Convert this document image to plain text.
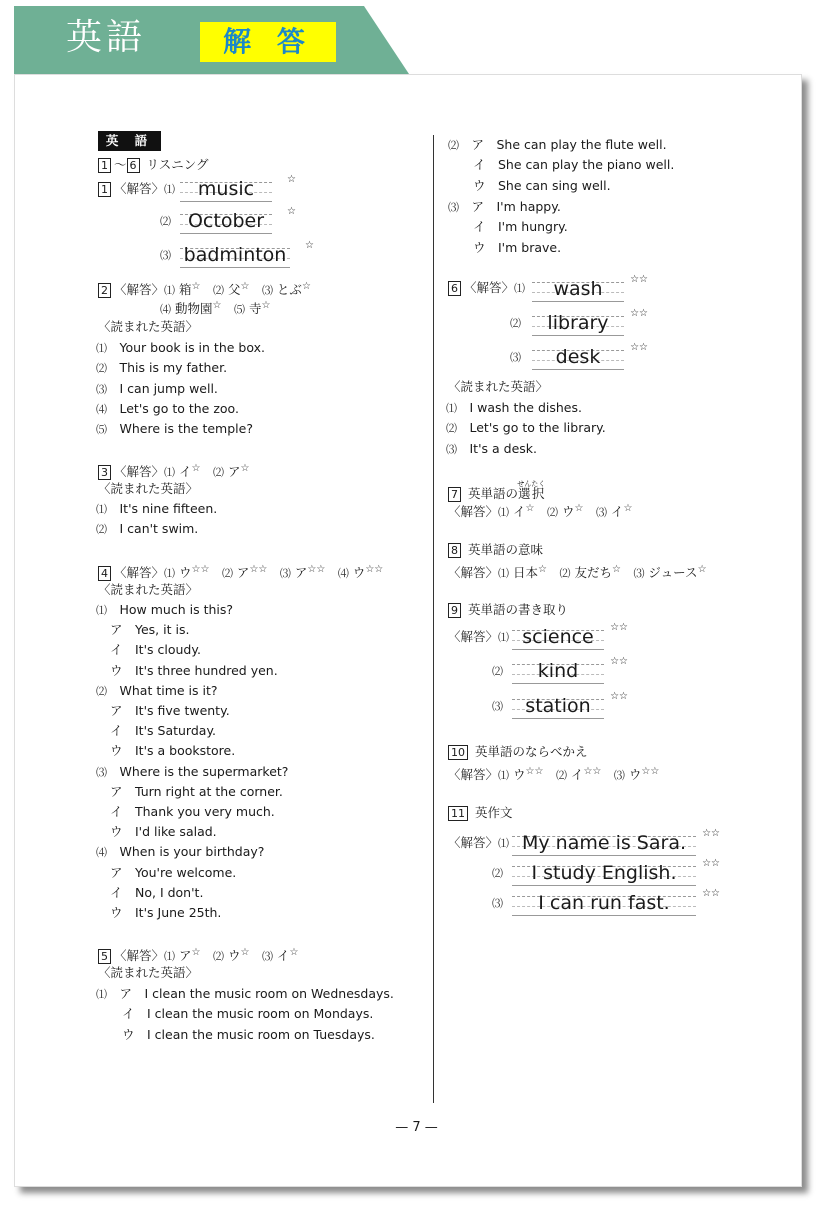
英語	解 答
英 語
1 ～ 6 リスニング
1 〈解答〉⑴	music	☆
⑵ October	☆
⑶ badminton	☆
2 〈解答〉⑴ 箱☆　 ⑵ 父☆　 ⑶ とぶ☆
⑷ 動物園☆　 ⑸ 寺☆
〈読まれた英語〉
⑴　Your book is in the box.
⑵　This is my father.
⑶　I can jump well.
⑷　Let's go to the zoo.
⑸　Where is the temple?
3 〈解答〉⑴ イ☆　 ⑵ ア☆
〈読まれた英語〉
⑴　It's nine fifteen.
⑵　I can't swim.
4 〈解答〉⑴ ウ☆☆　 ⑵ ア☆☆　 ⑶ ア☆☆　 ⑷ ウ☆☆
〈読まれた英語〉
⑴　How much is this?
ア　Yes, it is.
イ　It's cloudy.
ウ　It's three hundred yen.
⑵　What time is it?
ア　It's five twenty.
イ　It's Saturday.
ウ　It's a bookstore.
⑶　Where is the supermarket?
ア　Turn right at the corner.
イ　Thank you very much.
ウ　I'd like salad.
⑷　When is your birthday?
ア　You're welcome.
イ　No, I don't.
ウ　It's June 25th.
5 〈解答〉⑴ ア☆　 ⑵ ウ☆　 ⑶ イ☆
〈読まれた英語〉
⑴　ア　I clean the music room on Wednesdays.
イ　I clean the music room on Mondays.
ウ　I clean the music room on Tuesdays.
⑵　ア　She can play the flute well.
　　イ　She can play the piano well.
　　ウ　She can sing well.
⑶　ア　I'm happy.
　　イ　I'm hungry.
　　ウ　I'm brave.
6 〈解答〉⑴	wash	☆☆
⑵	library	☆☆
⑶	desk	☆☆
〈読まれた英語〉
⑴　I wash the dishes.
⑵　Let's go to the library.
⑶　It's a desk.
7 英単語の選択せんたく
〈解答〉⑴ イ☆　 ⑵ ウ☆　 ⑶ イ☆
8 英単語の意味
〈解答〉⑴ 日本☆　 ⑵ 友だち☆　 ⑶ ジュース☆
9 英単語の書き取り
〈解答〉⑴ science	☆☆
⑵	kind	☆☆
⑶	station	☆☆
10 英単語のならべかえ
〈解答〉⑴ ウ☆☆　 ⑵ イ☆☆　 ⑶ ウ☆☆
11 英作文
〈解答〉⑴ My name is Sara.	☆☆
⑵	I study English.	☆☆
⑶	I can run fast.	☆☆
— 7 —
